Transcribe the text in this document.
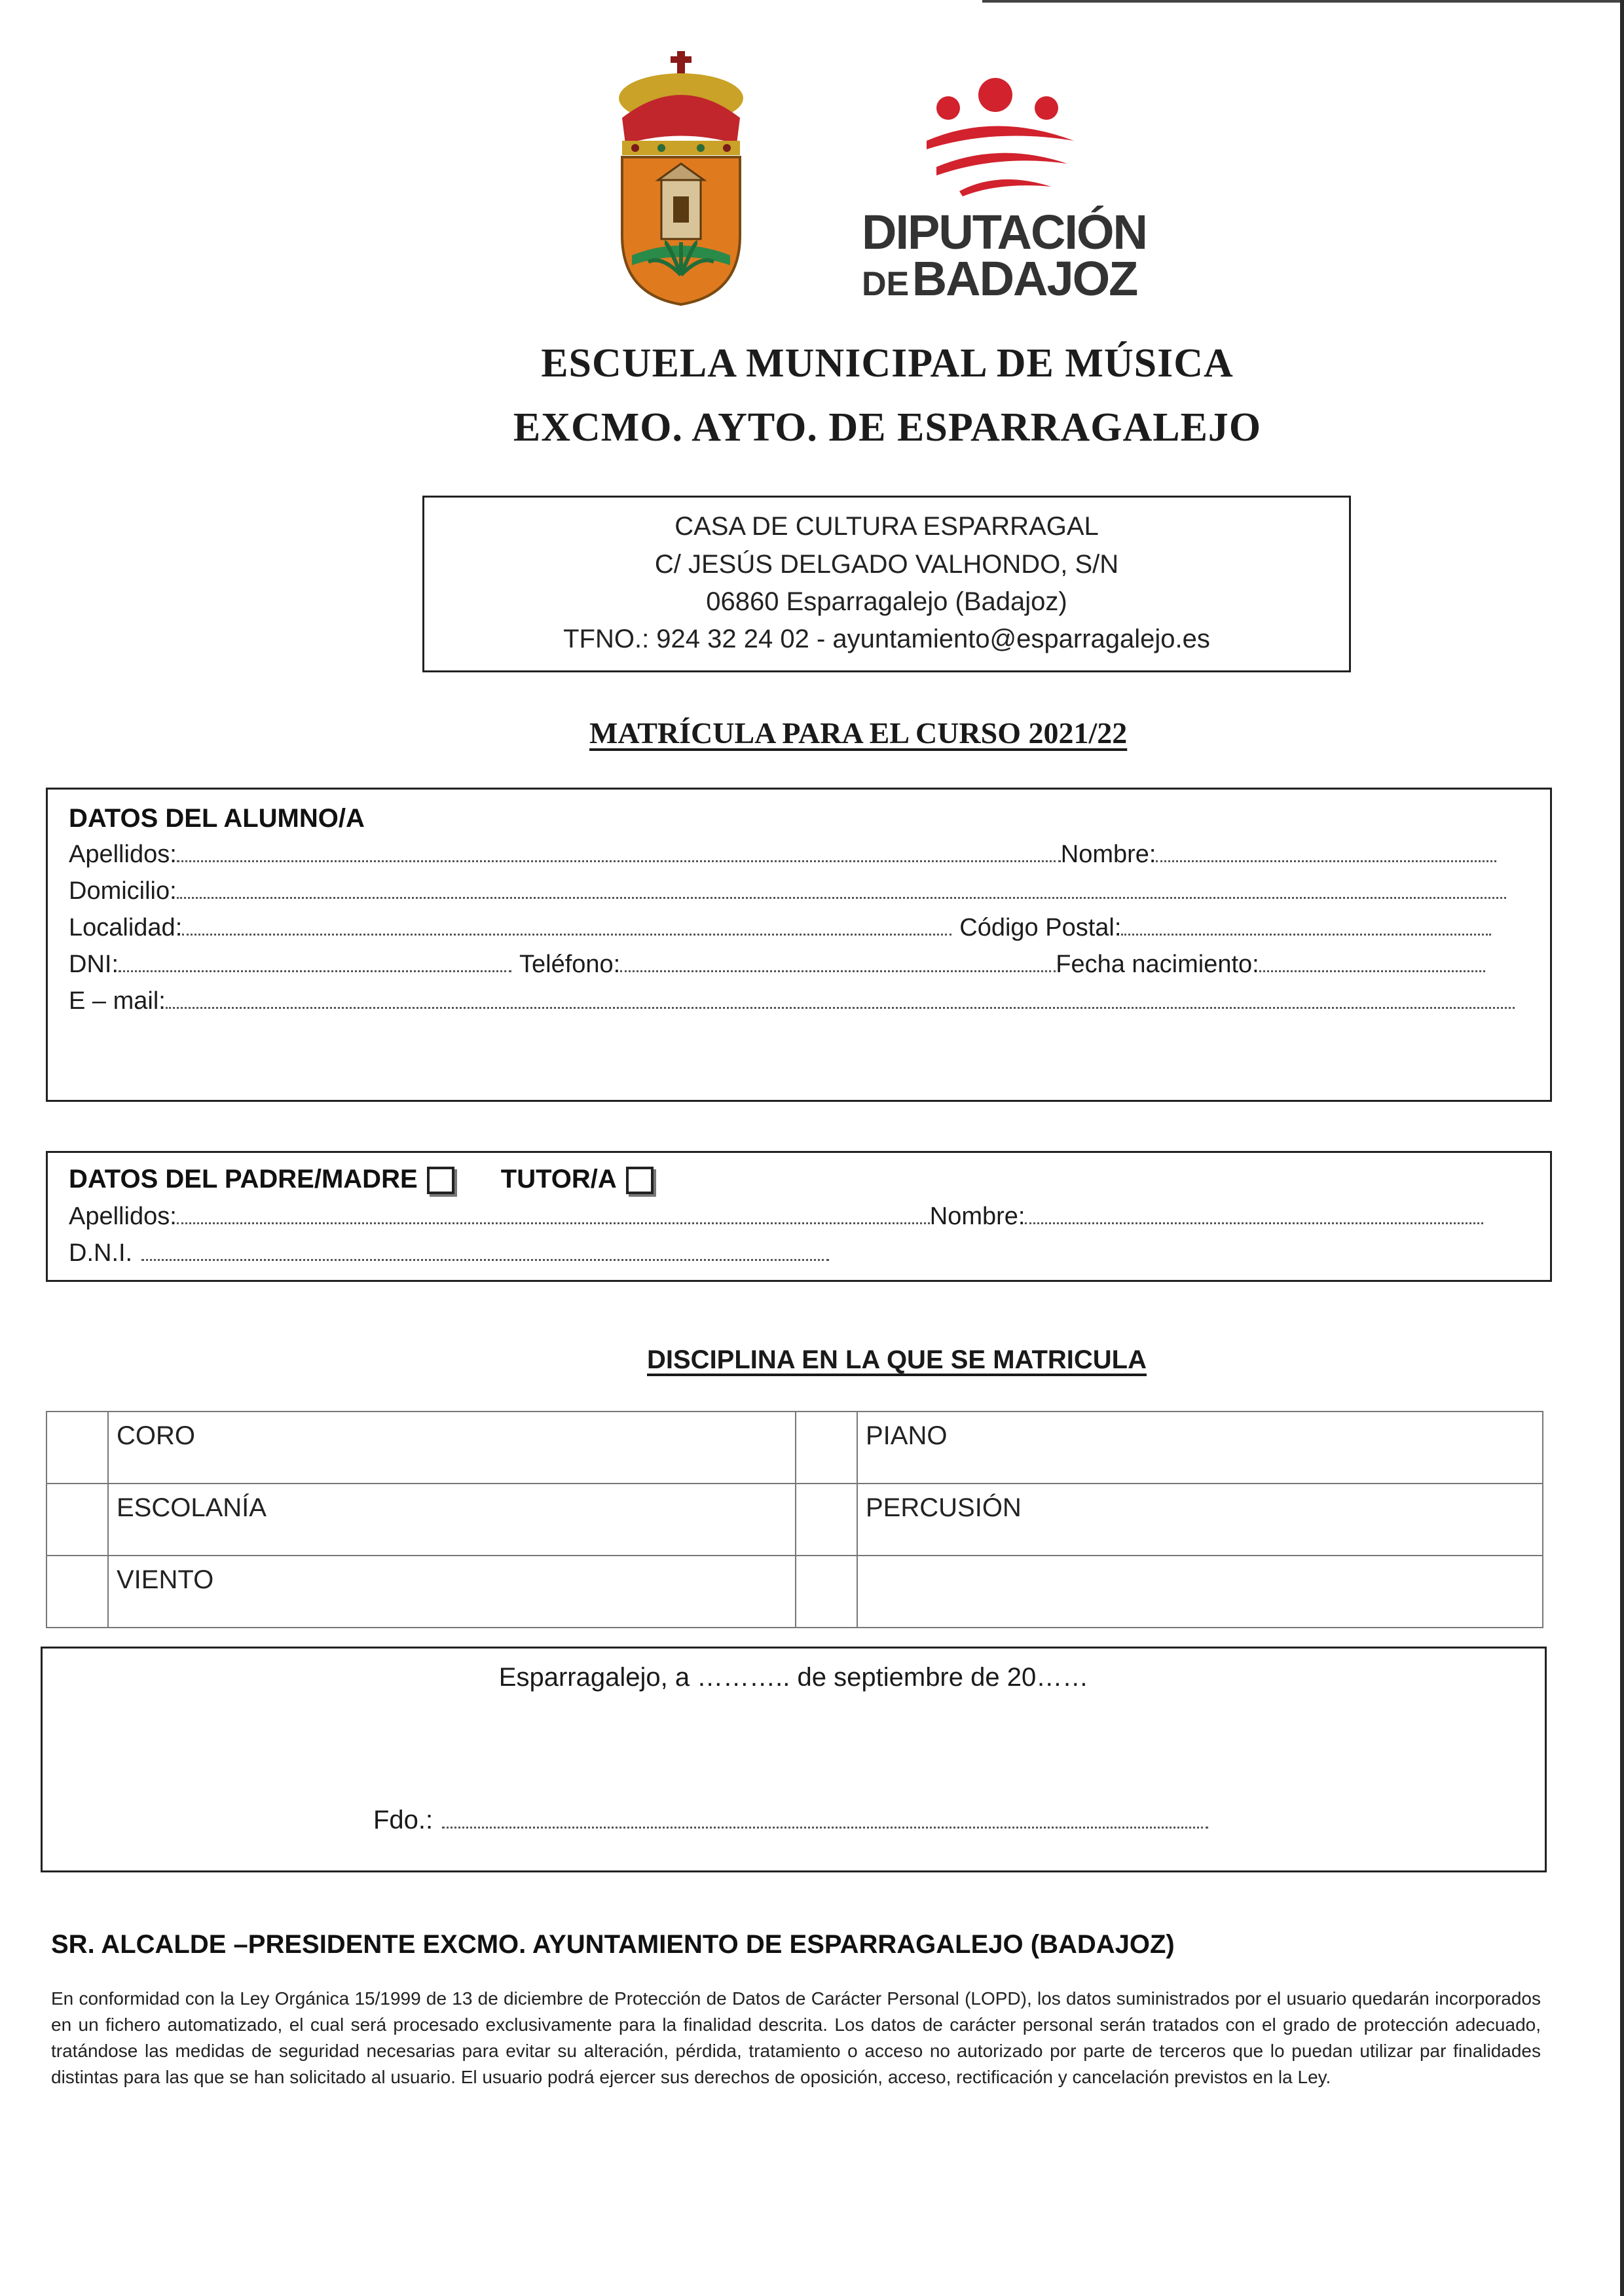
DIPUTACIÓN
DE BADAJOZ
ESCUELA MUNICIPAL DE MÚSICA
EXCMO. AYTO. DE ESPARRAGALEJO
CASA DE CULTURA ESPARRAGAL
C/ JESÚS DELGADO VALHONDO, S/N
06860 Esparragalejo (Badajoz)
TFNO.: 924 32 24 02 - ayuntamiento@esparragalejo.es
MATRÍCULA PARA EL CURSO 2021/22
DATOS DEL ALUMNO/A
Apellidos:	Nombre:
Domicilio:
Localidad:	Código Postal:
DNI:	Teléfono:	Fecha nacimiento:
E – mail:
DATOS DEL PADRE/MADRE	TUTOR/A
Apellidos:	Nombre:
D.N.I.
DISCIPLINA EN LA QUE SE MATRICULA
	CORO		PIANO
	ESCOLANÍA		PERCUSIÓN
	VIENTO		
Esparragalejo, a ……….. de septiembre de 20……
Fdo.:
SR. ALCALDE –PRESIDENTE EXCMO. AYUNTAMIENTO DE ESPARRAGALEJO (BADAJOZ)
En conformidad con la Ley Orgánica 15/1999 de 13 de diciembre de Protección de Datos de Carácter Personal (LOPD), los datos suministrados por el usuario quedarán incorporados en un fichero automatizado, el cual será procesado exclusivamente para la finalidad descrita. Los datos de carácter personal serán tratados con el grado de protección adecuado, tratándose las medidas de seguridad necesarias para evitar su alteración, pérdida, tratamiento o acceso no autorizado por parte de terceros que lo puedan utilizar par finalidades distintas para las que se han solicitado al usuario. El usuario podrá ejercer sus derechos de oposición, acceso, rectificación y cancelación previstos en la Ley.
